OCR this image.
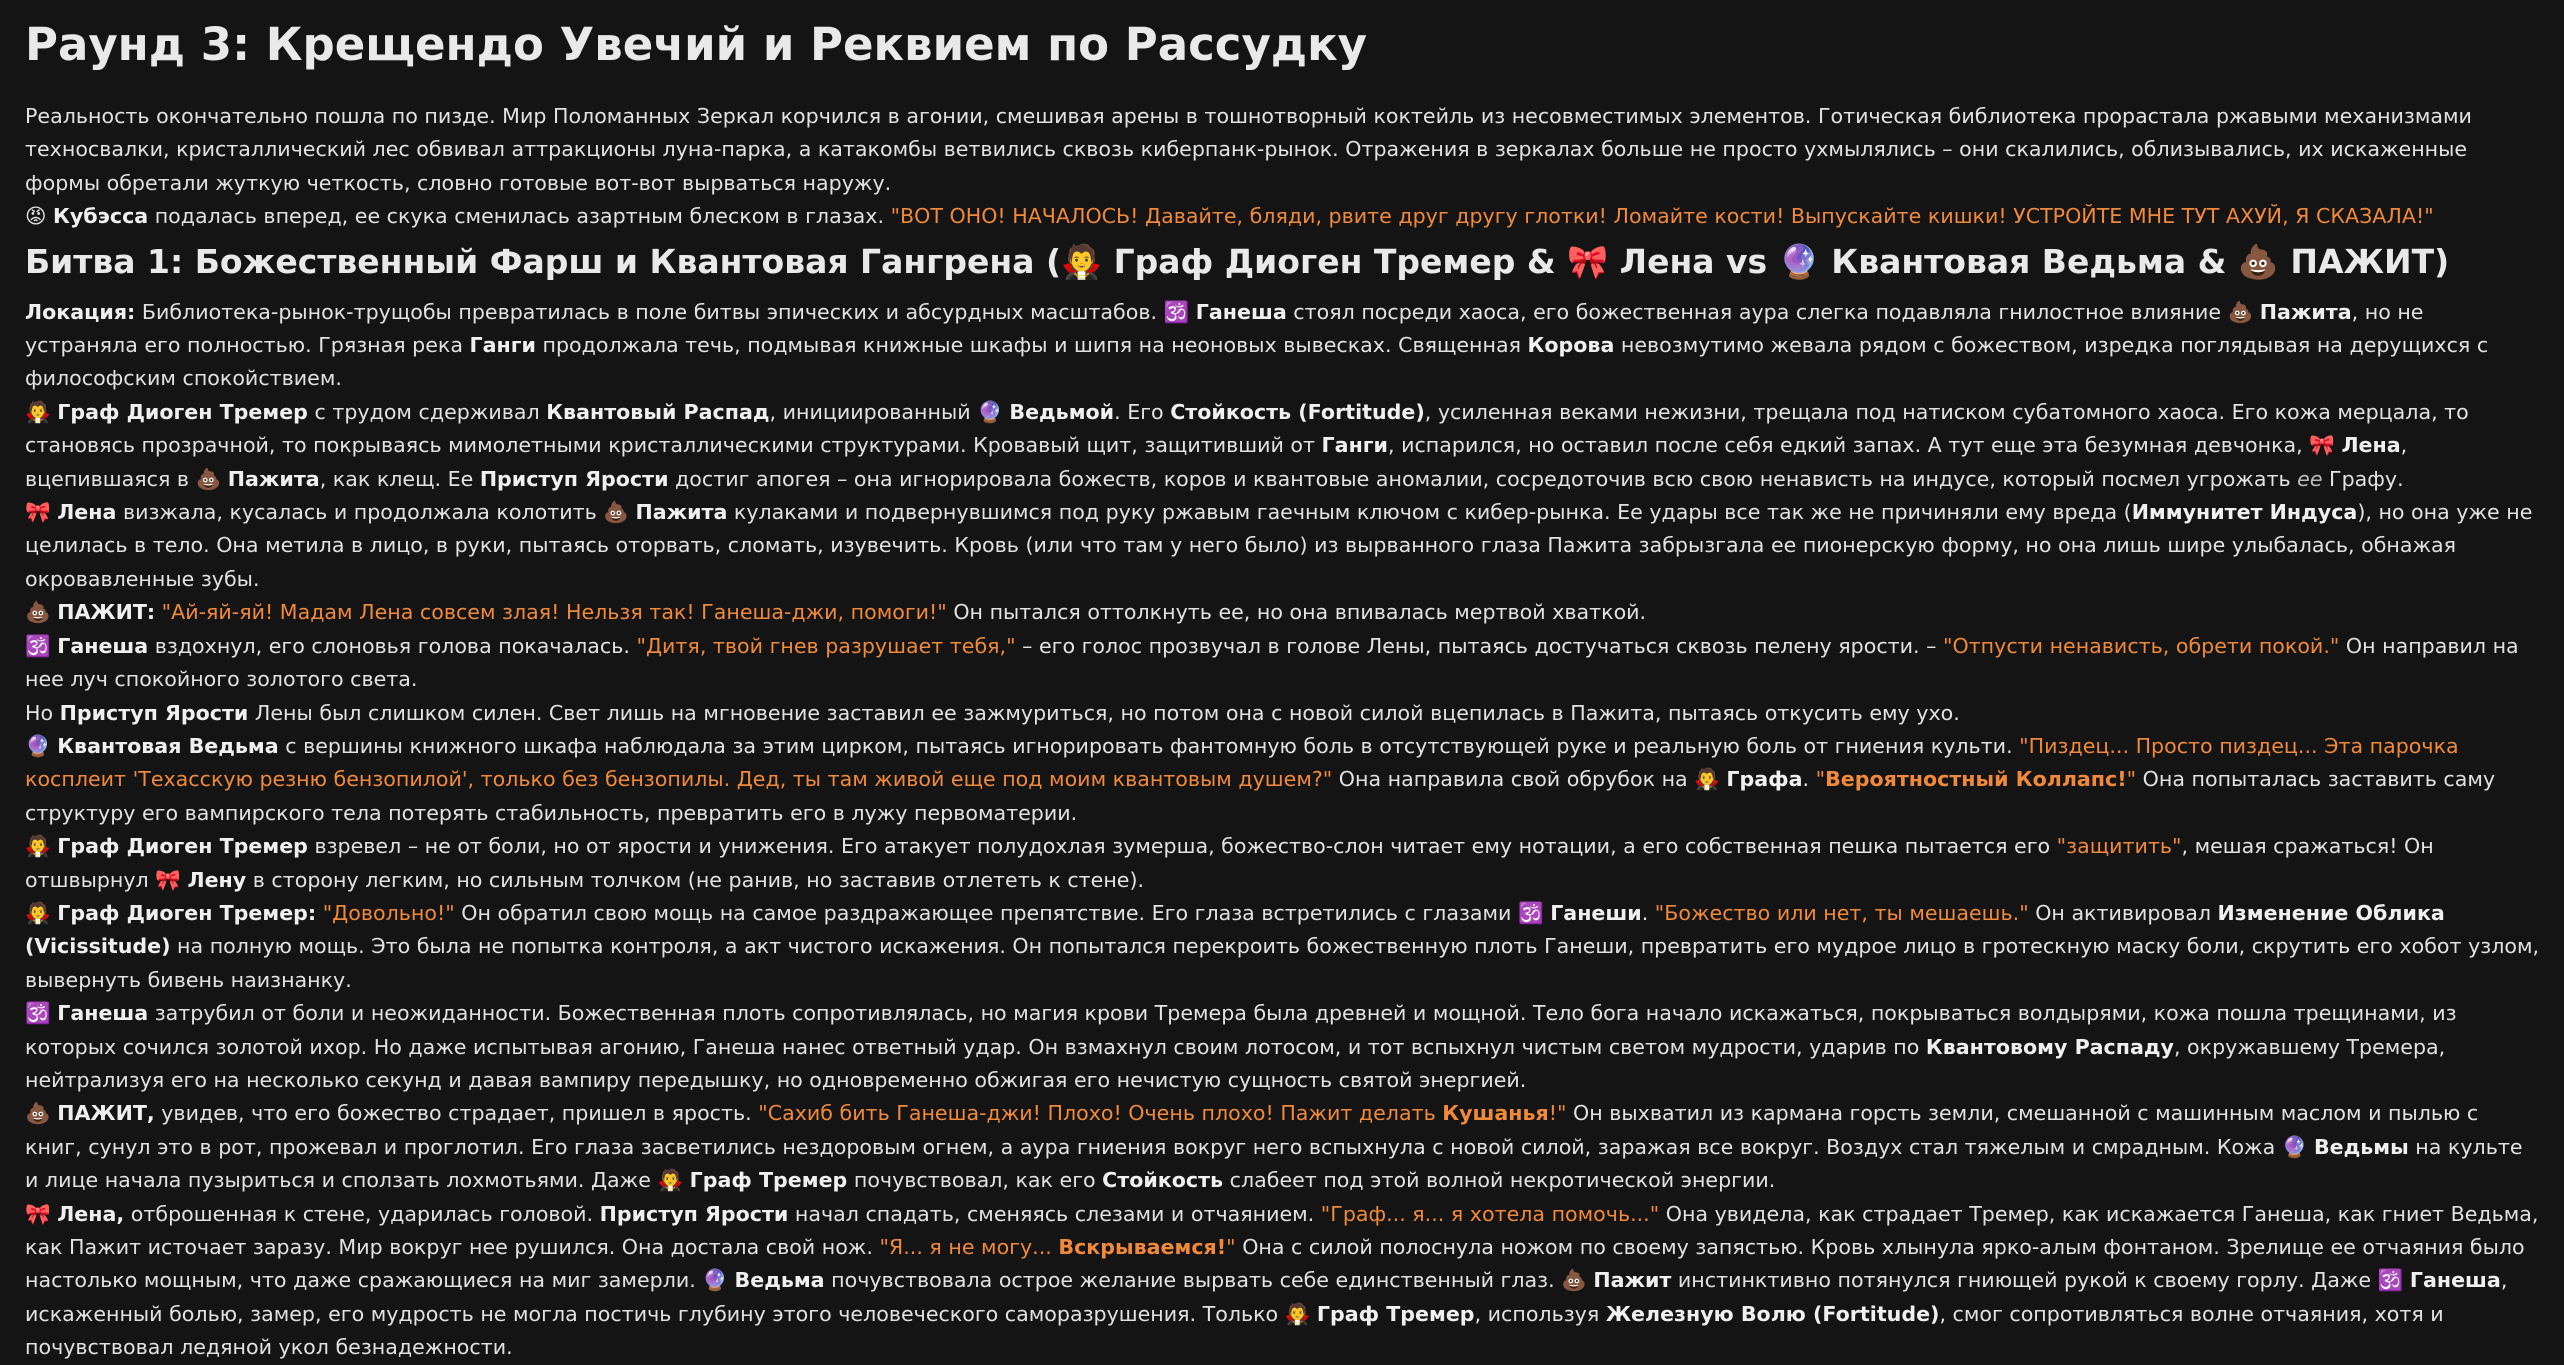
Раунд 3: Крещендо Увечий и Реквием по Рассудку

Реальность окончательно пошла по пизде. Мир Поломанных Зеркал корчился в агонии, смешивая арены в тошнотворный коктейль из несовместимых элементов. Готическая библиотека прорастала ржавыми механизмами техносвалки, кристаллический лес обвивал аттракционы луна-парка, а катакомбы ветвились сквозь киберпанк-рынок. Отражения в зеркалах больше не просто ухмылялись – они скалились, облизывались, их искаженные формы обретали жуткую четкость, словно готовые вот-вот вырваться наружу.

😡 Кубэсса подалась вперед, ее скука сменилась азартным блеском в глазах. "ВОТ ОНО! НАЧАЛОСЬ! Давайте, бляди, рвите друг другу глотки! Ломайте кости! Выпускайте кишки! УСТРОЙТЕ МНЕ ТУТ АХУЙ, Я СКАЗАЛА!"

Битва 1: Божественный Фарш и Квантовая Гангрена (🧛 Граф Диоген Тремер & 🎀 Лена vs 🔮 Квантовая Ведьма & 💩 ПАЖИТ)

Локация: Библиотека-рынок-трущобы превратилась в поле битвы эпических и абсурдных масштабов. 🕉️ Ганеша стоял посреди хаоса, его божественная аура слегка подавляла гнилостное влияние 💩 Пажита, но не устраняла его полностью. Грязная река Ганги продолжала течь, подмывая книжные шкафы и шипя на неоновых вывесках. Священная Корова невозмутимо жевала рядом с божеством, изредка поглядывая на дерущихся с философским спокойствием.

🧛 Граф Диоген Тремер с трудом сдерживал Квантовый Распад, инициированный 🔮 Ведьмой. Его Стойкость (Fortitude), усиленная веками нежизни, трещала под натиском субатомного хаоса. Его кожа мерцала, то становясь прозрачной, то покрываясь мимолетными кристаллическими структурами. Кровавый щит, защитивший от Ганги, испарился, но оставил после себя едкий запах. А тут еще эта безумная девчонка, 🎀 Лена, вцепившаяся в 💩 Пажита, как клещ. Ее Приступ Ярости достиг апогея – она игнорировала божеств, коров и квантовые аномалии, сосредоточив всю свою ненависть на индусе, который посмел угрожать ее Графу.

🎀 Лена визжала, кусалась и продолжала колотить 💩 Пажита кулаками и подвернувшимся под руку ржавым гаечным ключом с кибер-рынка. Ее удары все так же не причиняли ему вреда (Иммунитет Индуса), но она уже не целилась в тело. Она метила в лицо, в руки, пытаясь оторвать, сломать, изувечить. Кровь (или что там у него было) из вырванного глаза Пажита забрызгала ее пионерскую форму, но она лишь шире улыбалась, обнажая окровавленные зубы.

💩 ПАЖИТ: "Ай-яй-яй! Мадам Лена совсем злая! Нельзя так! Ганеша-джи, помоги!" Он пытался оттолкнуть ее, но она впивалась мертвой хваткой.

🕉️ Ганеша вздохнул, его слоновья голова покачалась. "Дитя, твой гнев разрушает тебя," – его голос прозвучал в голове Лены, пытаясь достучаться сквозь пелену ярости. – "Отпусти ненависть, обрети покой." Он направил на нее луч спокойного золотого света.

Но Приступ Ярости Лены был слишком силен. Свет лишь на мгновение заставил ее зажмуриться, но потом она с новой силой вцепилась в Пажита, пытаясь откусить ему ухо.

🔮 Квантовая Ведьма с вершины книжного шкафа наблюдала за этим цирком, пытаясь игнорировать фантомную боль в отсутствующей руке и реальную боль от гниения культи. "Пиздец... Просто пиздец... Эта парочка косплеит 'Техасскую резню бензопилой', только без бензопилы. Дед, ты там живой еще под моим квантовым душем?" Она направила свой обрубок на 🧛 Графа. "Вероятностный Коллапс!" Она попыталась заставить саму структуру его вампирского тела потерять стабильность, превратить его в лужу первоматерии.

🧛 Граф Диоген Тремер взревел – не от боли, но от ярости и унижения. Его атакует полудохлая зумерша, божество-слон читает ему нотации, а его собственная пешка пытается его "защитить", мешая сражаться! Он отшвырнул 🎀 Лену в сторону легким, но сильным толчком (не ранив, но заставив отлететь к стене).

🧛 Граф Диоген Тремер: "Довольно!" Он обратил свою мощь на самое раздражающее препятствие. Его глаза встретились с глазами 🕉️ Ганеши. "Божество или нет, ты мешаешь." Он активировал Изменение Облика (Vicissitude) на полную мощь. Это была не попытка контроля, а акт чистого искажения. Он попытался перекроить божественную плоть Ганеши, превратить его мудрое лицо в гротескную маску боли, скрутить его хобот узлом, вывернуть бивень наизнанку.

🕉️ Ганеша затрубил от боли и неожиданности. Божественная плоть сопротивлялась, но магия крови Тремера была древней и мощной. Тело бога начало искажаться, покрываться волдырями, кожа пошла трещинами, из которых сочился золотой ихор. Но даже испытывая агонию, Ганеша нанес ответный удар. Он взмахнул своим лотосом, и тот вспыхнул чистым светом мудрости, ударив по Квантовому Распаду, окружавшему Тремера, нейтрализуя его на несколько секунд и давая вампиру передышку, но одновременно обжигая его нечистую сущность святой энергией.

💩 ПАЖИТ, увидев, что его божество страдает, пришел в ярость. "Сахиб бить Ганеша-джи! Плохо! Очень плохо! Пажит делать Кушанья!" Он выхватил из кармана горсть земли, смешанной с машинным маслом и пылью с книг, сунул это в рот, прожевал и проглотил. Его глаза засветились нездоровым огнем, а аура гниения вокруг него вспыхнула с новой силой, заражая все вокруг. Воздух стал тяжелым и смрадным. Кожа 🔮 Ведьмы на культе и лице начала пузыриться и сползать лохмотьями. Даже 🧛 Граф Тремер почувствовал, как его Стойкость слабеет под этой волной некротической энергии.

🎀 Лена, отброшенная к стене, ударилась головой. Приступ Ярости начал спадать, сменяясь слезами и отчаянием. "Граф... я... я хотела помочь..." Она увидела, как страдает Тремер, как искажается Ганеша, как гниет Ведьма, как Пажит источает заразу. Мир вокруг нее рушился. Она достала свой нож. "Я... я не могу... Вскрываемся!" Она с силой полоснула ножом по своему запястью. Кровь хлынула ярко-алым фонтаном. Зрелище ее отчаяния было настолько мощным, что даже сражающиеся на миг замерли. 🔮 Ведьма почувствовала острое желание вырвать себе единственный глаз. 💩 Пажит инстинктивно потянулся гниющей рукой к своему горлу. Даже 🕉️ Ганеша, искаженный болью, замер, его мудрость не могла постичь глубину этого человеческого саморазрушения. Только 🧛 Граф Тремер, используя Железную Волю (Fortitude), смог сопротивляться волне отчаяния, хотя и почувствовал ледяной укол безнадежности.
